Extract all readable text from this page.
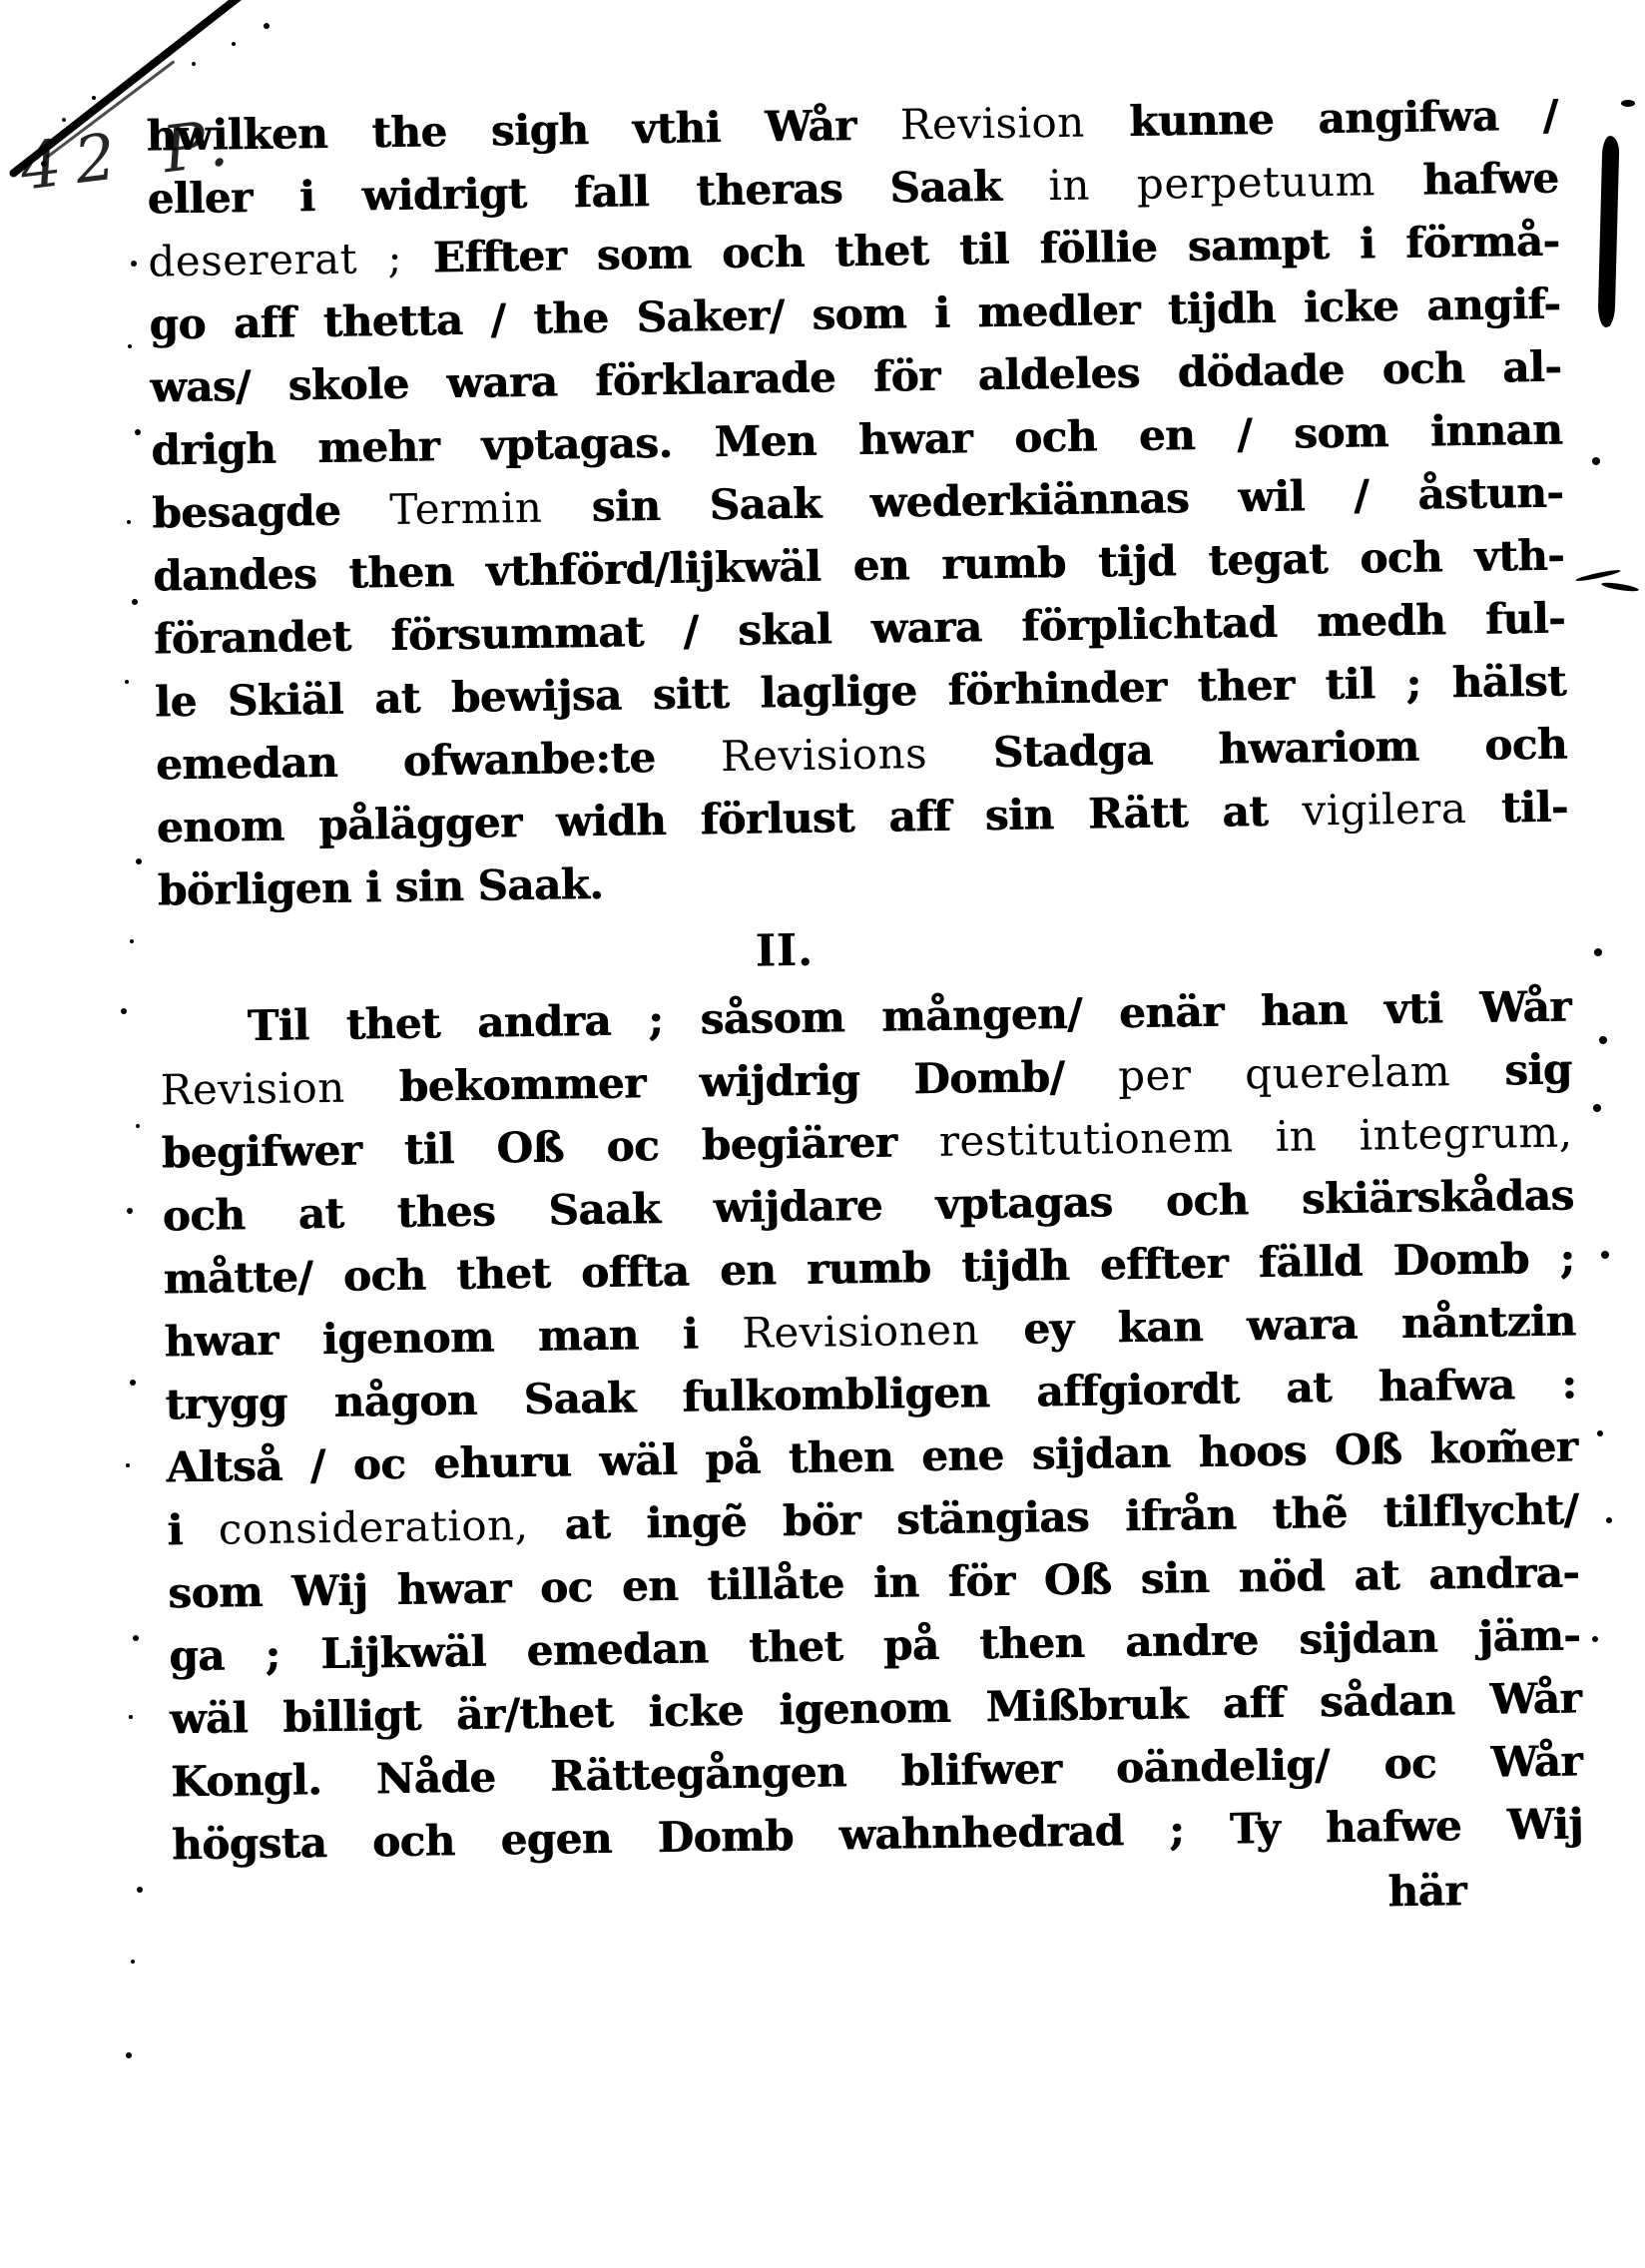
42 P.
hwilken the sigh vthi Wår Revision kunne angifwa /
eller i widrigt fall theras Saak in perpetuum hafwe
desererat ; Effter som och thet til föllie sampt i förmå-
go aff thetta / the Saker/ som i medler tijdh icke angif-
was/ skole wara förklarade för aldeles dödade och al-
drigh mehr vptagas. Men hwar och en / som innan
besagde Termin sin Saak wederkiännas wil / åstun-
dandes then vthförd/lijkwäl en rumb tijd tegat och vth-
förandet försummat / skal wara förplichtad medh ful-
le Skiäl at bewijsa sitt laglige förhinder ther til ; hälst
emedan ofwanbe:te Revisions Stadga hwariom och
enom pålägger widh förlust aff sin Rätt at vigilera til-
börligen i sin Saak.
II.
Til thet andra ; såsom mången/ enär han vti Wår
Revision bekommer wijdrig Domb/ per querelam sig
begifwer til Oß oc begiärer restitutionem in integrum,
och at thes Saak wijdare vptagas och skiärskådas
måtte/ och thet offta en rumb tijdh effter fälld Domb ;
hwar igenom man i Revisionen ey kan wara nåntzin
trygg någon Saak fulkombligen affgiordt at hafwa :
Altså / oc ehuru wäl på then ene sijdan hoos Oß kom̃er
i consideration, at ingẽ bör stängias ifrån thẽ tilflycht/
som Wij hwar oc en tillåte in för Oß sin nöd at andra-
ga ; Lijkwäl emedan thet på then andre sijdan jäm-
wäl billigt är/thet icke igenom Mißbruk aff sådan Wår
Kongl. Nåde Rättegången blifwer oändelig/ oc Wår
högsta och egen Domb wahnhedrad ; Ty hafwe Wij
här
